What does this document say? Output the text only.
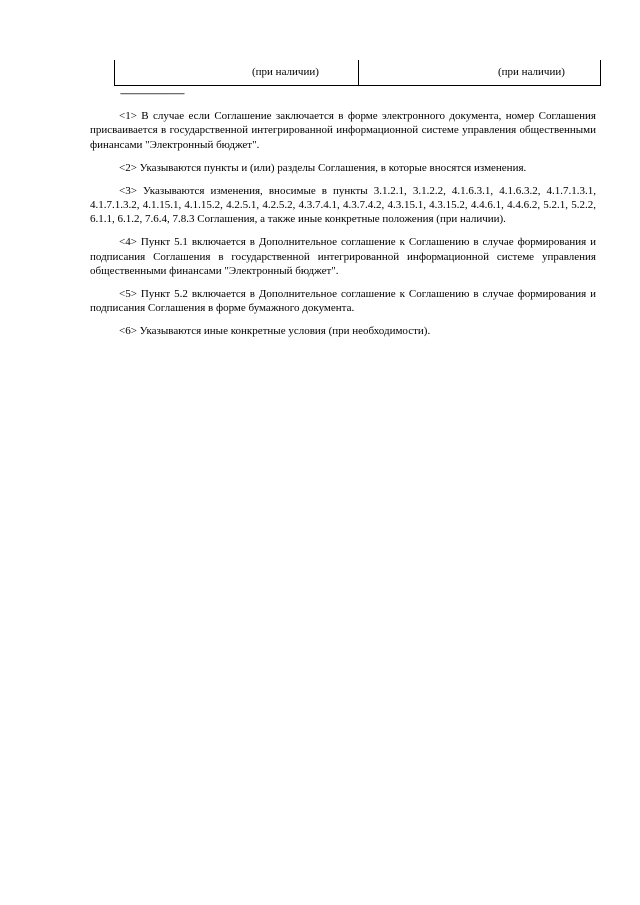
(при наличии)	(при наличии)
--------------------------------

<1> В случае если Соглашение заключается в форме электронного документа, номер Соглашения присваивается в государственной интегрированной информационной системе управления общественными финансами "Электронный бюджет".

<2> Указываются пункты и (или) разделы Соглашения, в которые вносятся изменения.

<3> Указываются изменения, вносимые в пункты 3.1.2.1, 3.1.2.2, 4.1.6.3.1, 4.1.6.3.2, 4.1.7.1.3.1, 4.1.7.1.3.2, 4.1.15.1, 4.1.15.2, 4.2.5.1, 4.2.5.2, 4.3.7.4.1, 4.3.7.4.2, 4.3.15.1, 4.3.15.2, 4.4.6.1, 4.4.6.2, 5.2.1, 5.2.2, 6.1.1, 6.1.2, 7.6.4, 7.8.3 Соглашения, а также иные конкретные положения (при наличии).

<4> Пункт 5.1 включается в Дополнительное соглашение к Соглашению в случае формирования и подписания Соглашения в государственной интегрированной информационной системе управления общественными финансами "Электронный бюджет".

<5> Пункт 5.2 включается в Дополнительное соглашение к Соглашению в случае формирования и подписания Соглашения в форме бумажного документа.

<6> Указываются иные конкретные условия (при необходимости).
